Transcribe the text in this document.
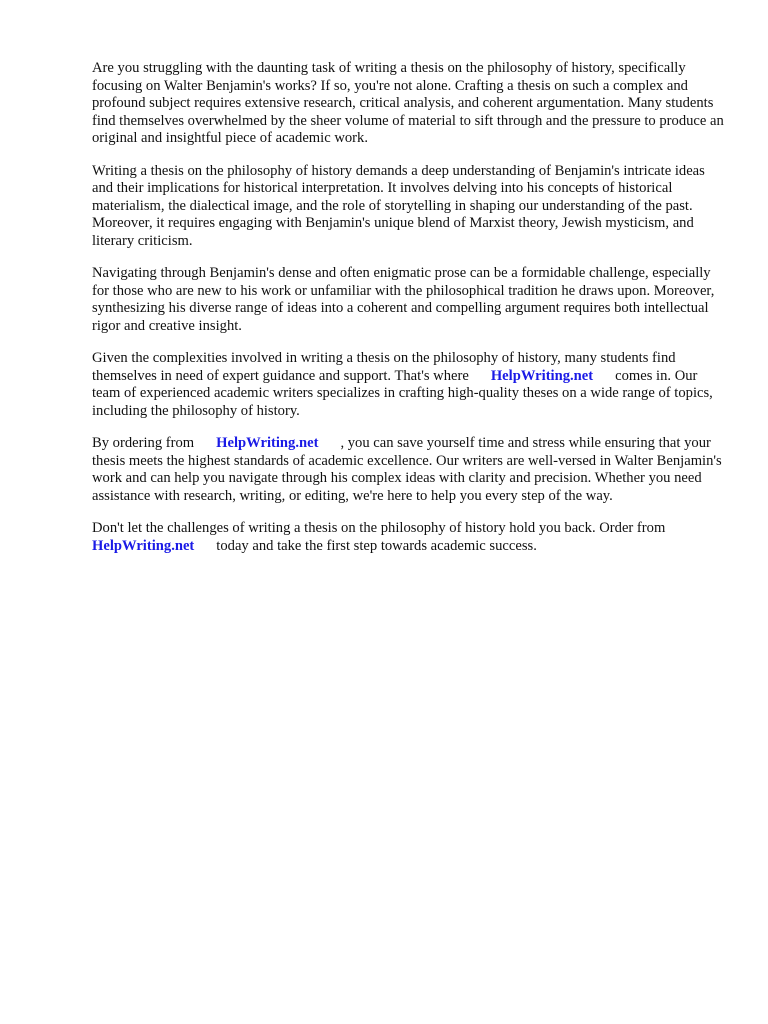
Are you struggling with the daunting task of writing a thesis on the philosophy of history, specifically focusing on Walter Benjamin's works? If so, you're not alone. Crafting a thesis on such a complex and profound subject requires extensive research, critical analysis, and coherent argumentation. Many students find themselves overwhelmed by the sheer volume of material to sift through and the pressure to produce an original and insightful piece of academic work.

Writing a thesis on the philosophy of history demands a deep understanding of Benjamin's intricate ideas and their implications for historical interpretation. It involves delving into his concepts of historical materialism, the dialectical image, and the role of storytelling in shaping our understanding of the past. Moreover, it requires engaging with Benjamin's unique blend of Marxist theory, Jewish mysticism, and literary criticism.

Navigating through Benjamin's dense and often enigmatic prose can be a formidable challenge, especially for those who are new to his work or unfamiliar with the philosophical tradition he draws upon. Moreover, synthesizing his diverse range of ideas into a coherent and compelling argument requires both intellectual rigor and creative insight.

Given the complexities involved in writing a thesis on the philosophy of history, many students find themselves in need of expert guidance and support. That's where HelpWriting.net comes in. Our team of experienced academic writers specializes in crafting high-quality theses on a wide range of topics, including the philosophy of history.

By ordering from HelpWriting.net , you can save yourself time and stress while ensuring that your thesis meets the highest standards of academic excellence. Our writers are well-versed in Walter Benjamin's work and can help you navigate through his complex ideas with clarity and precision. Whether you need assistance with research, writing, or editing, we're here to help you every step of the way.

Don't let the challenges of writing a thesis on the philosophy of history hold you back. Order from HelpWriting.net today and take the first step towards academic success.
